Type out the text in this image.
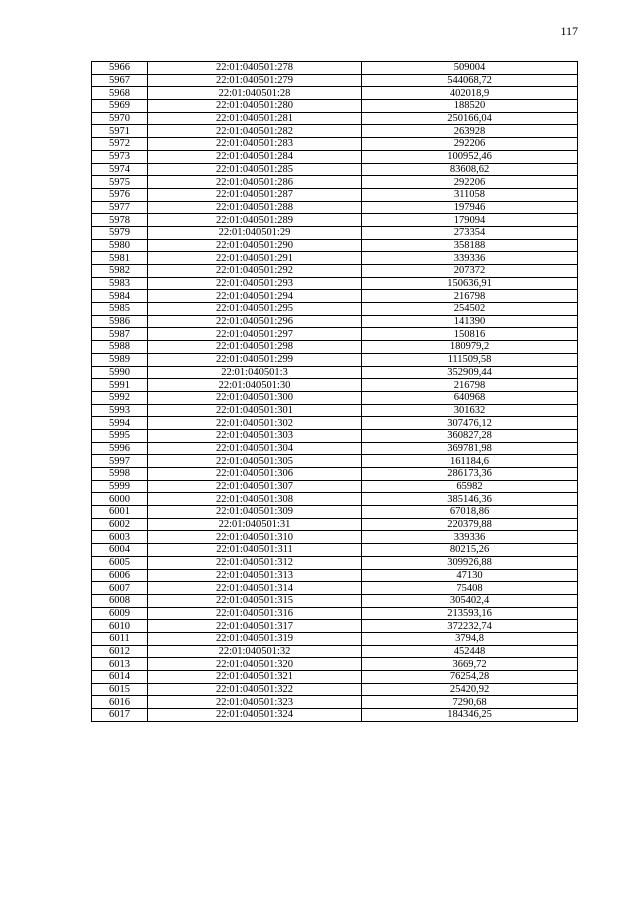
117
5966	22:01:040501:278	509004
5967	22:01:040501:279	544068,72
5968	22:01:040501:28	402018,9
5969	22:01:040501:280	188520
5970	22:01:040501:281	250166,04
5971	22:01:040501:282	263928
5972	22:01:040501:283	292206
5973	22:01:040501:284	100952,46
5974	22:01:040501:285	83608,62
5975	22:01:040501:286	292206
5976	22:01:040501:287	311058
5977	22:01:040501:288	197946
5978	22:01:040501:289	179094
5979	22:01:040501:29	273354
5980	22:01:040501:290	358188
5981	22:01:040501:291	339336
5982	22:01:040501:292	207372
5983	22:01:040501:293	150636,91
5984	22:01:040501:294	216798
5985	22:01:040501:295	254502
5986	22:01:040501:296	141390
5987	22:01:040501:297	150816
5988	22:01:040501:298	180979,2
5989	22:01:040501:299	111509,58
5990	22:01:040501:3	352909,44
5991	22:01:040501:30	216798
5992	22:01:040501:300	640968
5993	22:01:040501:301	301632
5994	22:01:040501:302	307476,12
5995	22:01:040501:303	360827,28
5996	22:01:040501:304	369781,98
5997	22:01:040501:305	161184,6
5998	22:01:040501:306	286173,36
5999	22:01:040501:307	65982
6000	22:01:040501:308	385146,36
6001	22:01:040501:309	67018,86
6002	22:01:040501:31	220379,88
6003	22:01:040501:310	339336
6004	22:01:040501:311	80215,26
6005	22:01:040501:312	309926,88
6006	22:01:040501:313	47130
6007	22:01:040501:314	75408
6008	22:01:040501:315	305402,4
6009	22:01:040501:316	213593,16
6010	22:01:040501:317	372232,74
6011	22:01:040501:319	3794,8
6012	22:01:040501:32	452448
6013	22:01:040501:320	3669,72
6014	22:01:040501:321	76254,28
6015	22:01:040501:322	25420,92
6016	22:01:040501:323	7290,68
6017	22:01:040501:324	184346,25
